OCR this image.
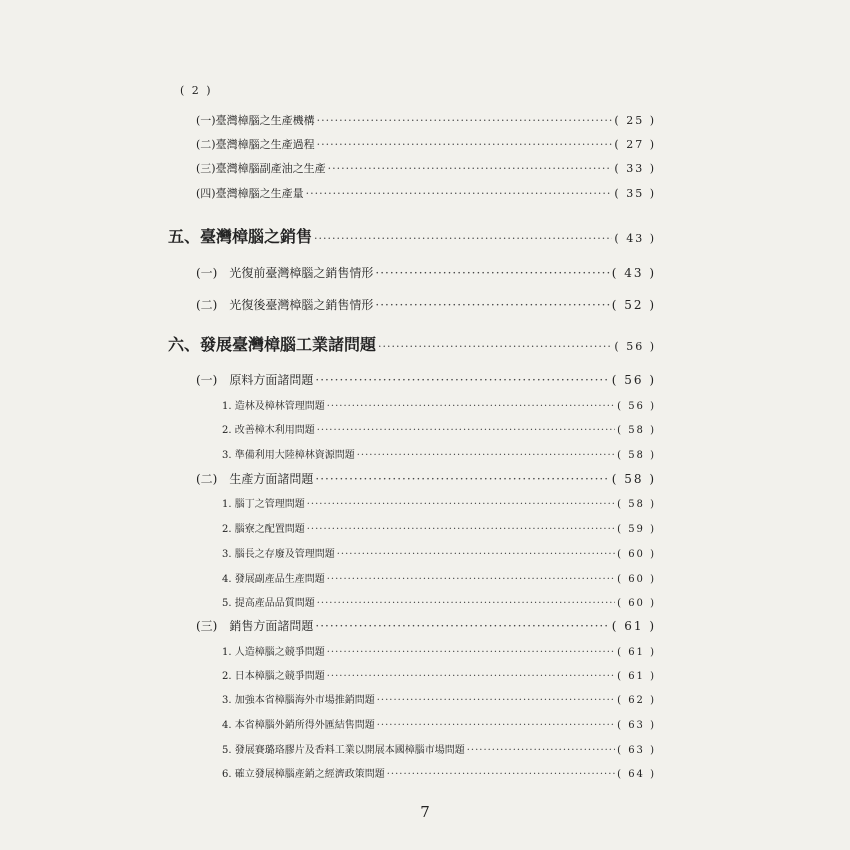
( 2 )
(一)臺灣樟腦之生產機構 ·····	( 25 )
(二)臺灣樟腦之生產過程 ·····	( 27 )
(三)臺灣樟腦副產油之生產 ·····	( 33 )
(四)臺灣樟腦之生產量 ·····	( 35 )
五、臺灣樟腦之銷售 ·····	( 43 )
(一)　光復前臺灣樟腦之銷售情形 ·····	( 43 )
(二)　光復後臺灣樟腦之銷售情形 ·····	( 52 )
六、發展臺灣樟腦工業諸問題 ·····	( 56 )
(一)　原料方面諸問題 ·····	( 56 )
1. 造林及樟林管理問題 ·····	( 56 )
2. 改善樟木利用問題 ·····	( 58 )
3. 準備利用大陸樟林資源問題 ·····	( 58 )
(二)　生產方面諸問題 ·····	( 58 )
1. 腦丁之管理問題 ·····	( 58 )
2. 腦寮之配置問題 ·····	( 59 )
3. 腦長之存廢及管理問題 ·····	( 60 )
4. 發展副產品生產問題 ·····	( 60 )
5. 提高產品品質問題 ·····	( 60 )
(三)　銷售方面諸問題 ·····	( 61 )
1. 人造樟腦之競爭問題 ·····	( 61 )
2. 日本樟腦之競爭問題 ·····	( 61 )
3. 加強本省樟腦海外市場推銷問題 ·····	( 62 )
4. 本省樟腦外銷所得外匯結售問題 ·····	( 63 )
5. 發展賽璐珞膠片及香料工業以開展本國樟腦市場問題 ·····	( 63 )
6. 確立發展樟腦產銷之經濟政策問題 ·····	( 64 )
7
